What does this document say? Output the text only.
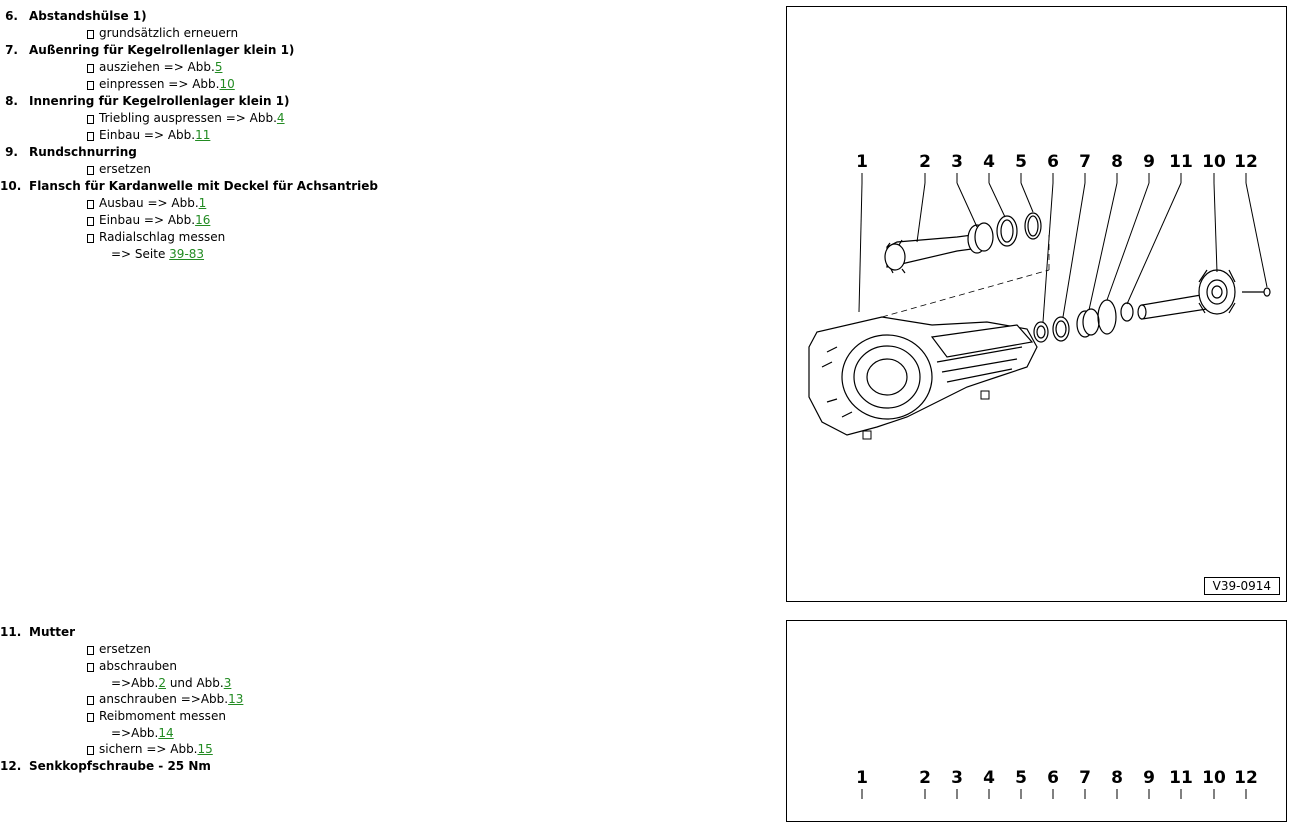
6. Abstandshülse 1)
grundsätzlich erneuern
7. Außenring für Kegelrollenlager klein 1)
ausziehen => Abb.5
einpressen => Abb.10
8. Innenring für Kegelrollenlager klein 1)
Triebling auspressen => Abb.4
Einbau => Abb.11
9. Rundschnurring
ersetzen
10. Flansch für Kardanwelle mit Deckel für Achsantrieb
Ausbau => Abb.1
Einbau => Abb.16
Radialschlag messen
=> Seite 39-83
11. Mutter
ersetzen
abschrauben
=>Abb.2 und Abb.3
anschrauben =>Abb.13
Reibmoment messen
=>Abb.14
sichern => Abb.15
12. Senkkopfschraube - 25 Nm
1	2 3 4 5 6 7 8 9 11 10 12
V39-0914
1	2 3 4 5 6 7 8 9 11 10 12
